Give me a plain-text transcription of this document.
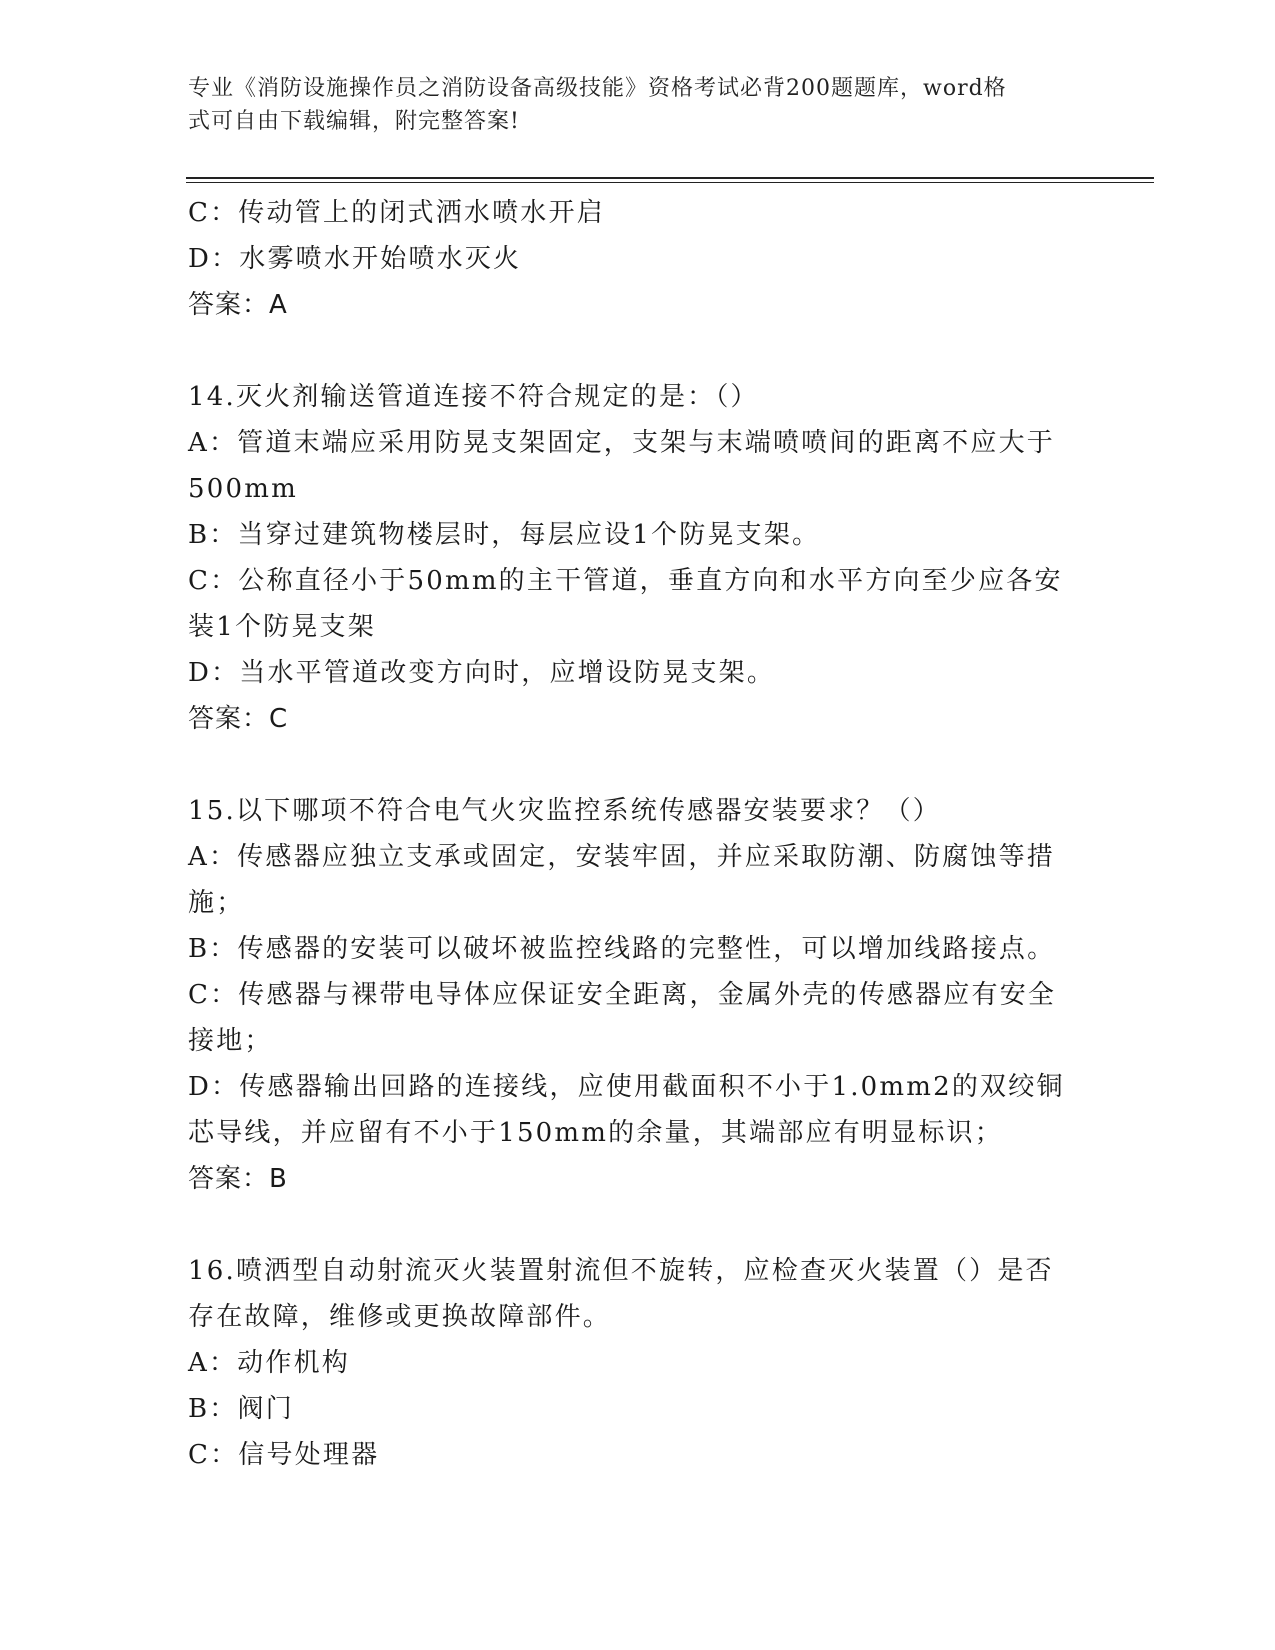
专业《消防设施操作员之消防设备高级技能》资格考试必背200题题库，word格
式可自由下载编辑，附完整答案!
C：传动管上的闭式洒水喷水开启
D：水雾喷水开始喷水灭火
答案：A
14.灭火剂输送管道连接不符合规定的是：（）
A：管道末端应采用防晃支架固定，支架与末端喷喷间的距离不应大于
500mm
B：当穿过建筑物楼层时，每层应设1个防晃支架。
C：公称直径小于50mm的主干管道，垂直方向和水平方向至少应各安
装1个防晃支架
D：当水平管道改变方向时，应增设防晃支架。
答案：C
15.以下哪项不符合电气火灾监控系统传感器安装要求？（）
A：传感器应独立支承或固定，安装牢固，并应采取防潮、防腐蚀等措
施；
B：传感器的安装可以破坏被监控线路的完整性，可以增加线路接点。
C：传感器与裸带电导体应保证安全距离，金属外壳的传感器应有安全
接地；
D：传感器输出回路的连接线，应使用截面积不小于1.0mm2的双绞铜
芯导线，并应留有不小于150mm的余量，其端部应有明显标识；
答案：B
16.喷洒型自动射流灭火装置射流但不旋转，应检查灭火装置（）是否
存在故障，维修或更换故障部件。
A：动作机构
B：阀门
C：信号处理器
